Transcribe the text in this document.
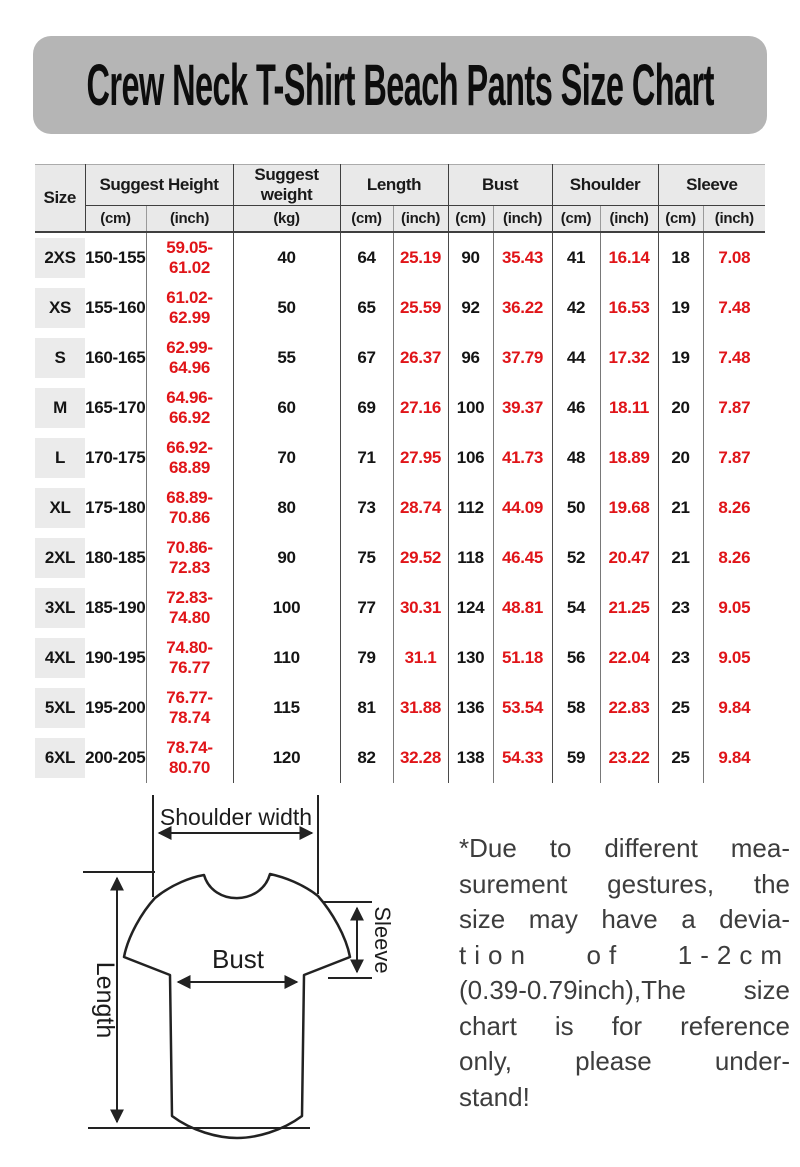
Crew Neck T-Shirt Beach Pants Size Chart
Size	Suggest Height		Suggest weight	Length		Bust		Shoulder		Sleeve	
	(cm)	(inch)	(kg)	(cm)	(inch)	(cm)	(inch)	(cm)	(inch)	(cm)	(inch)

2XS	150-155	59.05-61.02	40	64	25.19	90	35.43	41	16.14	18	7.08

XS	155-160	61.02-62.99	50	65	25.59	92	36.22	42	16.53	19	7.48

S	160-165	62.99-64.96	55	67	26.37	96	37.79	44	17.32	19	7.48

M	165-170	64.96-66.92	60	69	27.16	100	39.37	46	18.11	20	7.87

L	170-175	66.92-68.89	70	71	27.95	106	41.73	48	18.89	20	7.87

XL	175-180	68.89-70.86	80	73	28.74	112	44.09	50	19.68	21	8.26

2XL	180-185	70.86-72.83	90	75	29.52	118	46.45	52	20.47	21	8.26

3XL	185-190	72.83-74.80	100	77	30.31	124	48.81	54	21.25	23	9.05

4XL	190-195	74.80-76.77	110	79	31.1	130	51.18	56	22.04	23	9.05

5XL	195-200	76.77-78.74	115	81	31.88	136	53.54	58	22.83	25	9.84

6XL	200-205	78.74-80.70	120	82	32.28	138	54.33	59	23.22	25	9.84
Shoulder width
Length
Bust	Sleeve
*Due to different mea-
surement gestures, the
size may have a devia-
tion of 1-2cm
(0.39-0.79inch),The size
chart is for reference
only, please under-
stand!
